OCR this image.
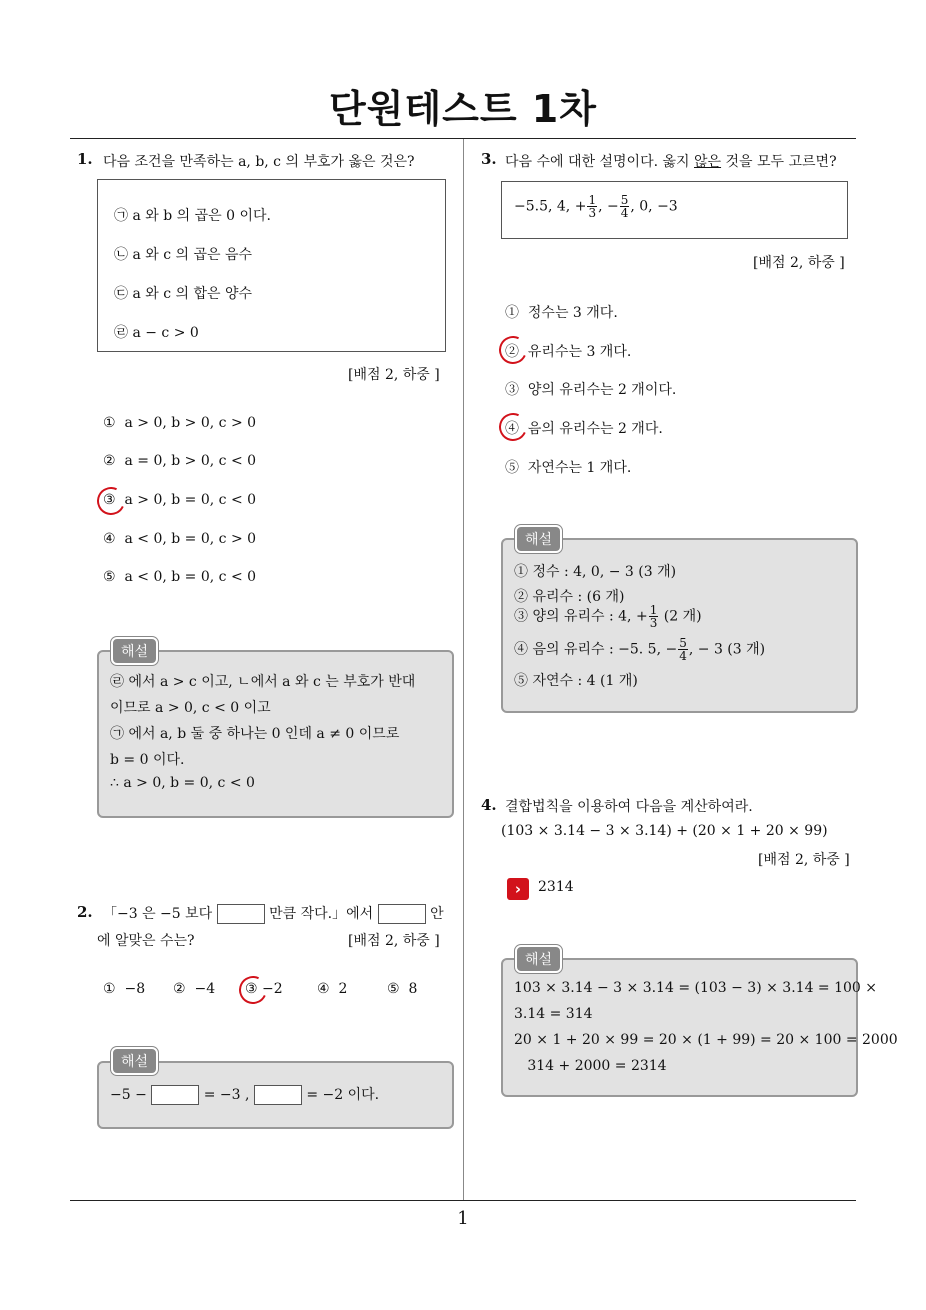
단원테스트 1차
1. 다음 조건을 만족하는 a, b, c 의 부호가 옳은 것은?
㉠ a 와 b 의 곱은 0 이다.
㉡ a 와 c 의 곱은 음수
㉢ a 와 c 의 합은 양수
㉣ a − c > 0
[배점 2, 하중 ]
① a > 0, b > 0, c > 0
② a = 0, b > 0, c < 0
③ a > 0, b = 0, c < 0
④ a < 0, b = 0, c > 0
⑤ a < 0, b = 0, c < 0
해설
㉣ 에서 a > c 이고, ㄴ에서 a 와 c 는 부호가 반대
이므로 a > 0, c < 0 이고
㉠ 에서 a, b 둘 중 하나는 0 인데 a ≠ 0 이므로
b = 0 이다.
∴ a > 0, b = 0, c < 0
2. 「−3 은 −5 보다	만큼 작다.」에서	안
에 알맞은 수는?	[배점 2, 하중 ]
① −8 ② −4 ③ −2 ④ 2	⑤ 8
해설
−5 −	= −3 ,	= −2 이다.
3. 다음 수에 대한 설명이다. 옳지 않은 것을 모두 고르면?
−5.5, 4, + $\frac{1}{3}$ , − $\frac{5}{4}$ , 0, −3
[배점 2, 하중 ]
① 정수는 3 개다.
② 유리수는 3 개다.
③ 양의 유리수는 2 개이다.
④ 음의 유리수는 2 개다.
⑤ 자연수는 1 개다.
해설
① 정수 : 4, 0, − 3 (3 개)
② 유리수 : (6 개)
③ 양의 유리수 : 4, + $\frac{1}{3} (2$ 개)
④ 음의 유리수 : −5. 5, − $\frac{5}{4}$ , − 3 (3 개)
⑤ 자연수 : 4 (1 개)
4. 결합법칙을 이용하여 다음을 계산하여라.
(103 × 3.14 − 3 × 3.14) + (20 × 1 + 20 × 99)
[배점 2, 하중 ]
›	2314
해설
103 × 3.14 − 3 × 3.14 = (103 − 3) × 3.14 = 100 ×
3.14 = 314
20 × 1 + 20 × 99 = 20 × (1 + 99) = 20 × 100 = 2000
314 + 2000 = 2314
1
